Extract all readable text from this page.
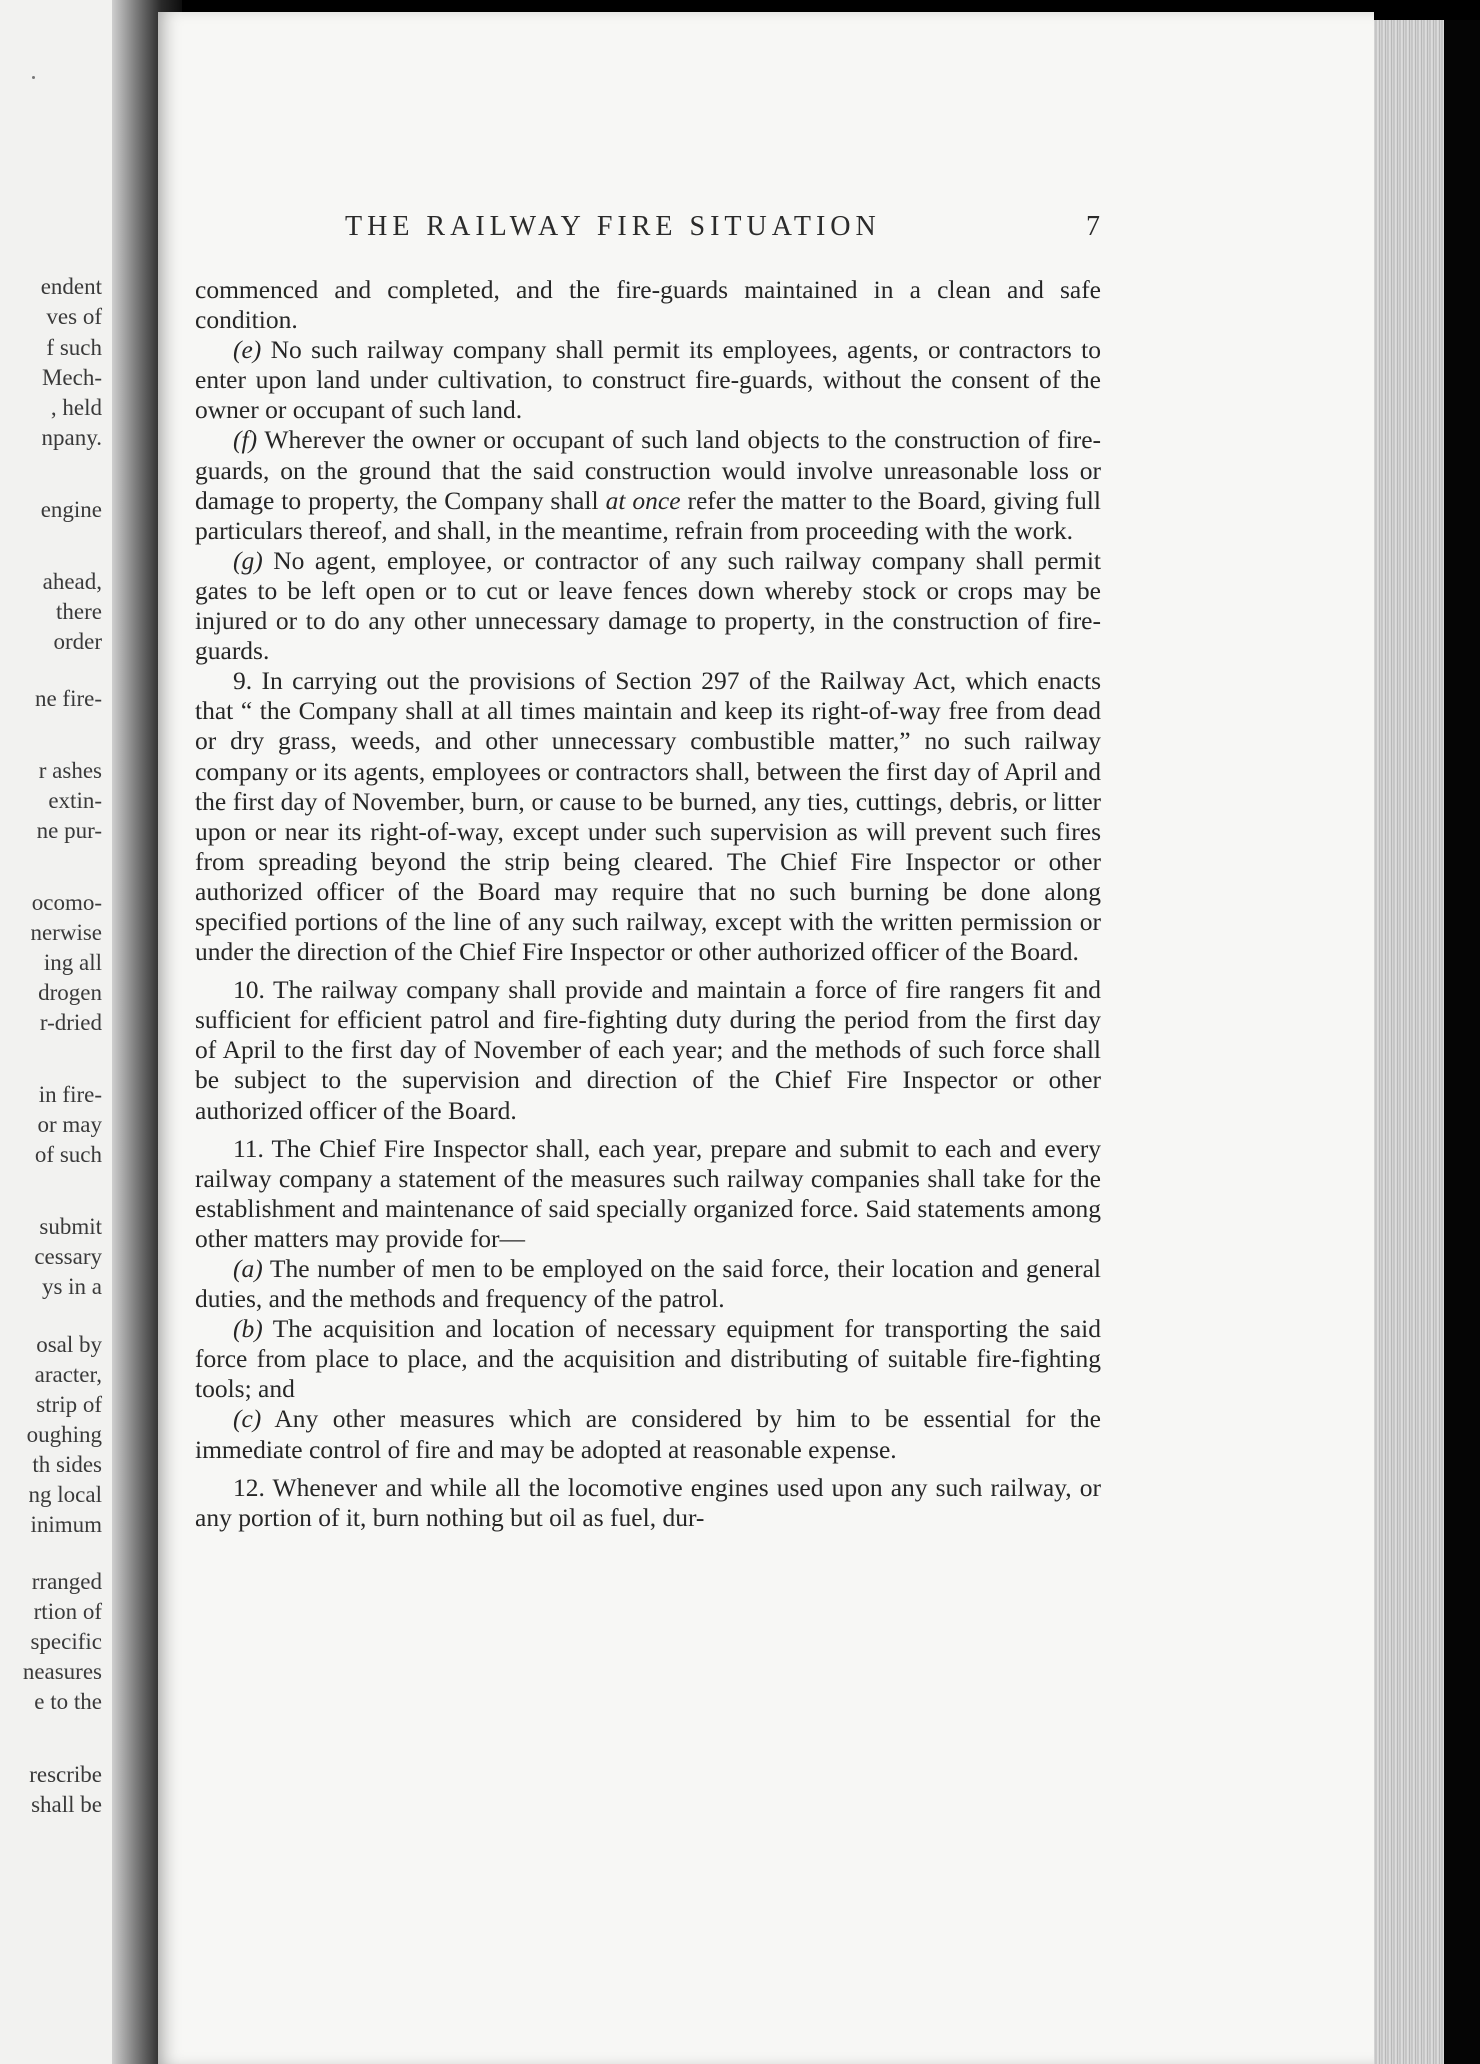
endent
ves of
f such
Mech-
, held
npany.
engine
ahead,
there
order
ne fire-
r ashes
extin-
ne pur-
ocomo-
nerwise
ing all
drogen
r-dried
in fire-
or may
of such
submit
cessary
ys in a
osal by
aracter,
strip of
oughing
th sides
ng local
inimum
rranged
rtion of
specific
neasures
e to the
rescribe
shall be
THE RAILWAY FIRE SITUATION	7

commenced and completed, and the fire-guards maintained in a clean and safe condition.

(e) No such railway company shall permit its employees, agents, or contractors to enter upon land under cultivation, to construct fire-guards, without the consent of the owner or occupant of such land.

(f) Wherever the owner or occupant of such land objects to the construction of fire-guards, on the ground that the said construction would involve unreasonable loss or damage to property, the Company shall at once refer the matter to the Board, giving full particulars thereof, and shall, in the meantime, refrain from proceeding with the work.

(g) No agent, employee, or contractor of any such railway company shall permit gates to be left open or to cut or leave fences down whereby stock or crops may be injured or to do any other unnecessary damage to property, in the construction of fire-guards.

9. In carrying out the provisions of Section 297 of the Railway Act, which enacts that “ the Company shall at all times maintain and keep its right-of-way free from dead or dry grass, weeds, and other unnecessary combustible matter,” no such railway company or its agents, employees or contractors shall, between the first day of April and the first day of November, burn, or cause to be burned, any ties, cuttings, debris, or litter upon or near its right-of-way, except under such supervision as will prevent such fires from spreading beyond the strip being cleared. The Chief Fire Inspector or other authorized officer of the Board may require that no such burning be done along specified portions of the line of any such railway, except with the written permission or under the direction of the Chief Fire Inspector or other authorized officer of the Board.

10. The railway company shall provide and maintain a force of fire rangers fit and sufficient for efficient patrol and fire-fighting duty during the period from the first day of April to the first day of November of each year; and the methods of such force shall be subject to the supervision and direction of the Chief Fire Inspector or other authorized officer of the Board.

11. The Chief Fire Inspector shall, each year, prepare and submit to each and every railway company a statement of the measures such railway companies shall take for the establishment and maintenance of said specially organized force. Said statements among other matters may provide for—

(a) The number of men to be employed on the said force, their location and general duties, and the methods and frequency of the patrol.

(b) The acquisition and location of necessary equipment for transporting the said force from place to place, and the acquisition and distributing of suitable fire-fighting tools; and

(c) Any other measures which are considered by him to be essential for the immediate control of fire and may be adopted at reasonable expense.

12. Whenever and while all the locomotive engines used upon any such railway, or any portion of it, burn nothing but oil as fuel, dur-
